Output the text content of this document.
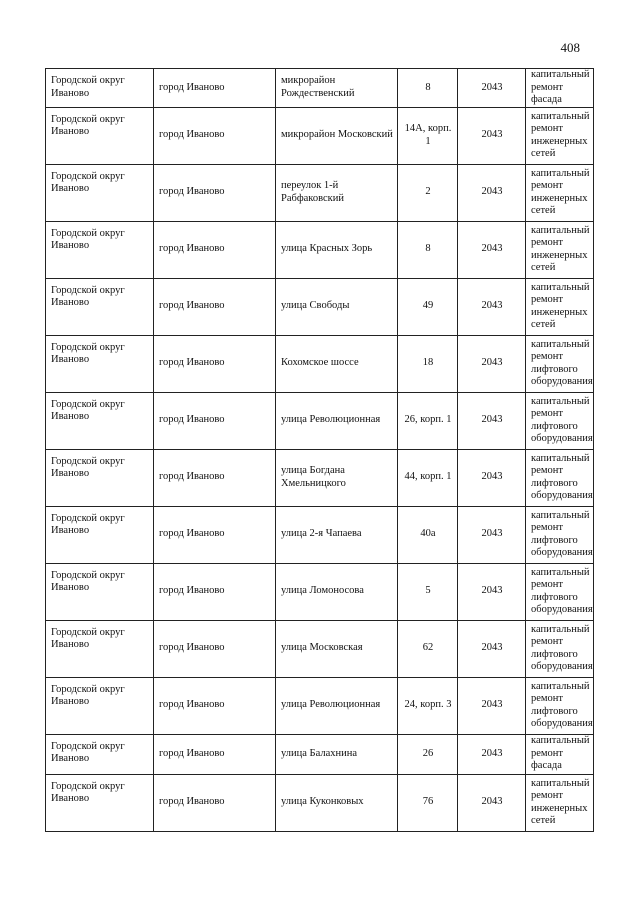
408
Городской округ Иваново	город Иваново	микрорайон Рождественский	8	2043	капитальный ремонт фасада
Городской округ Иваново	город Иваново	микрорайон Московский	14А, корп. 1	2043	капитальный ремонт инженерных сетей
Городской округ Иваново	город Иваново	переулок 1-й Рабфаковский	2	2043	капитальный ремонт инженерных сетей
Городской округ Иваново	город Иваново	улица Красных Зорь	8	2043	капитальный ремонт инженерных сетей
Городской округ Иваново	город Иваново	улица Свободы	49	2043	капитальный ремонт инженерных сетей
Городской округ Иваново	город Иваново	Кохомское шоссе	18	2043	капитальный ремонт лифтового оборудования
Городской округ Иваново	город Иваново	улица Революционная	26, корп. 1	2043	капитальный ремонт лифтового оборудования
Городской округ Иваново	город Иваново	улица Богдана Хмельницкого	44, корп. 1	2043	капитальный ремонт лифтового оборудования
Городской округ Иваново	город Иваново	улица 2-я Чапаева	40а	2043	капитальный ремонт лифтового оборудования
Городской округ Иваново	город Иваново	улица Ломоносова	5	2043	капитальный ремонт лифтового оборудования
Городской округ Иваново	город Иваново	улица Московская	62	2043	капитальный ремонт лифтового оборудования
Городской округ Иваново	город Иваново	улица Революционная	24, корп. 3	2043	капитальный ремонт лифтового оборудования
Городской округ Иваново	город Иваново	улица Балахнина	26	2043	капитальный ремонт фасада
Городской округ Иваново	город Иваново	улица Куконковых	76	2043	капитальный ремонт инженерных сетей
